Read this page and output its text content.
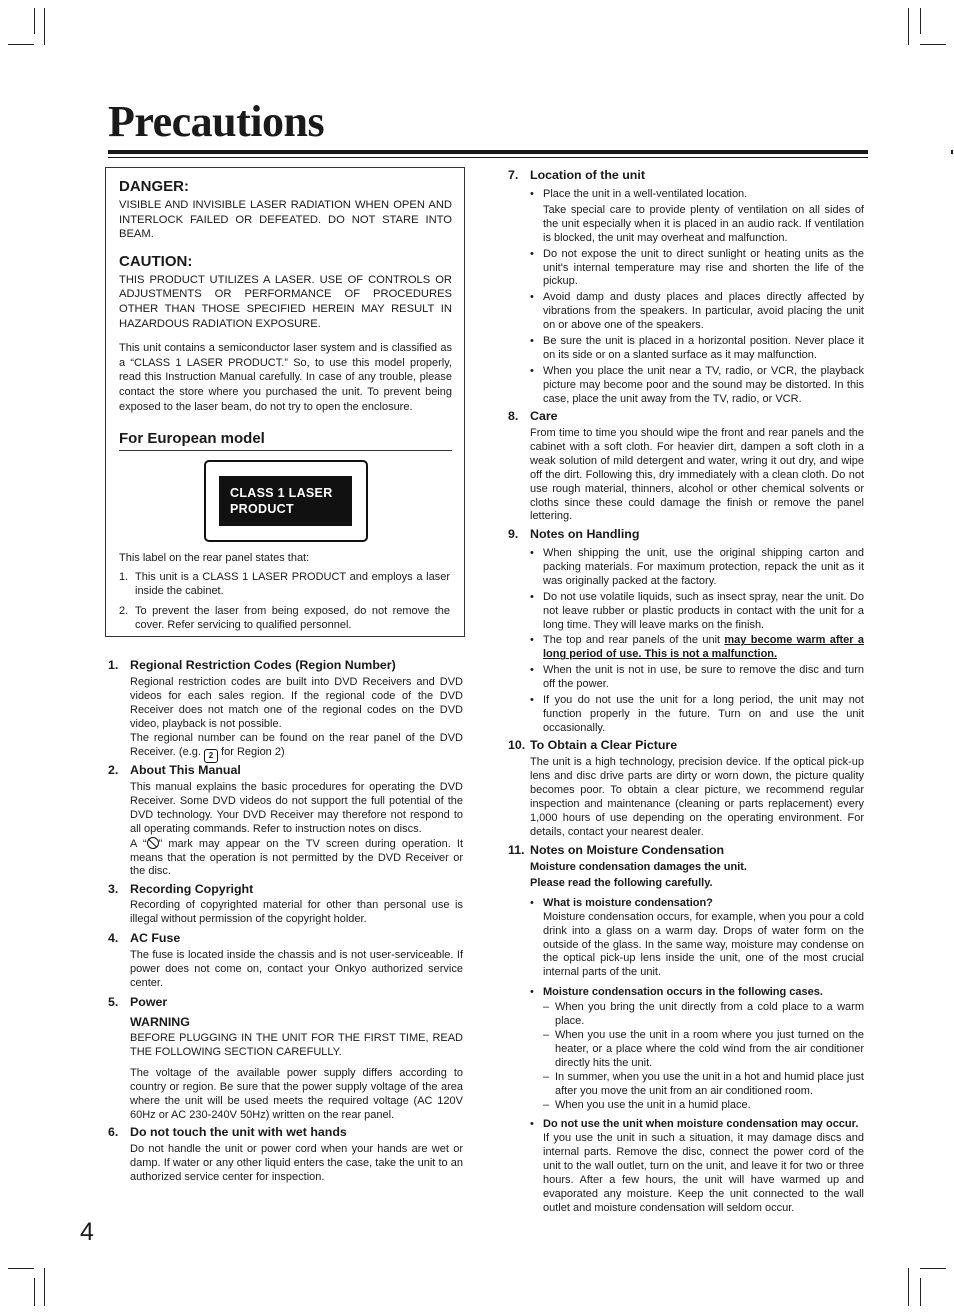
Precautions
DANGER:

VISIBLE AND INVISIBLE LASER RADIATION WHEN OPEN AND INTERLOCK FAILED OR DEFEATED. DO NOT STARE INTO BEAM.

CAUTION:

THIS PRODUCT UTILIZES A LASER. USE OF CONTROLS OR ADJUSTMENTS OR PERFORMANCE OF PROCEDURES OTHER THAN THOSE SPECIFIED HEREIN MAY RESULT IN HAZARDOUS RADIATION EXPOSURE.

This unit contains a semiconductor laser system and is classified as a “CLASS 1 LASER PRODUCT.” So, to use this model properly, read this Instruction Manual carefully. In case of any trouble, please contact the store where you purchased the unit. To prevent being exposed to the laser beam, do not try to open the enclosure.

For European model

CLASS 1 LASER
PRODUCT

This label on the rear panel states that:

1. This unit is a CLASS 1 LASER PRODUCT and employs a laser inside the cabinet.
2. To prevent the laser from being exposed, do not remove the cover. Refer servicing to qualified personnel.
1. Regional Restriction Codes (Region Number)
Regional restriction codes are built into DVD Receivers and DVD videos for each sales region. If the regional code of the DVD Receiver does not match one of the regional codes on the DVD video, playback is not possible.
The regional number can be found on the rear panel of the DVD Receiver. (e.g. 2 for Region 2)
2. About This Manual
This manual explains the basic procedures for operating the DVD Receiver. Some DVD videos do not support the full potential of the DVD technology. Your DVD Receiver may therefore not respond to all operating commands. Refer to instruction notes on discs.
A “ ” mark may appear on the TV screen during operation. It means that the operation is not permitted by the DVD Receiver or the disc.
3. Recording Copyright
Recording of copyrighted material for other than personal use is illegal without permission of the copyright holder.
4. AC Fuse
The fuse is located inside the chassis and is not user-serviceable. If power does not come on, contact your Onkyo authorized service center.
5. Power
WARNING
BEFORE PLUGGING IN THE UNIT FOR THE FIRST TIME, READ THE FOLLOWING SECTION CAREFULLY.
The voltage of the available power supply differs according to country or region. Be sure that the power supply voltage of the area where the unit will be used meets the required voltage (AC 120V 60Hz or AC 230-240V 50Hz) written on the rear panel.
6. Do not touch the unit with wet hands
Do not handle the unit or power cord when your hands are wet or damp. If water or any other liquid enters the case, take the unit to an authorized service center for inspection.
7. Location of the unit
• Place the unit in a well-ventilated location.

Take special care to provide plenty of ventilation on all sides of the unit especially when it is placed in an audio rack. If ventilation is blocked, the unit may overheat and malfunction.
• Do not expose the unit to direct sunlight or heating units as the unit's internal temperature may rise and shorten the life of the pickup.
• Avoid damp and dusty places and places directly affected by vibrations from the speakers. In particular, avoid placing the unit on or above one of the speakers.
• Be sure the unit is placed in a horizontal position. Never place it on its side or on a slanted surface as it may malfunction.
• When you place the unit near a TV, radio, or VCR, the playback picture may become poor and the sound may be distorted. In this case, place the unit away from the TV, radio, or VCR.
8. Care
From time to time you should wipe the front and rear panels and the cabinet with a soft cloth. For heavier dirt, dampen a soft cloth in a weak solution of mild detergent and water, wring it out dry, and wipe off the dirt. Following this, dry immediately with a clean cloth. Do not use rough material, thinners, alcohol or other chemical solvents or cloths since these could damage the finish or remove the panel lettering.
9. Notes on Handling
• When shipping the unit, use the original shipping carton and packing materials. For maximum protection, repack the unit as it was originally packed at the factory.
• Do not use volatile liquids, such as insect spray, near the unit. Do not leave rubber or plastic products in contact with the unit for a long time. They will leave marks on the finish.
• The top and rear panels of the unit may become warm after a long period of use. This is not a malfunction.
• When the unit is not in use, be sure to remove the disc and turn off the power.
• If you do not use the unit for a long period, the unit may not function properly in the future. Turn on and use the unit occasionally.
10. To Obtain a Clear Picture
The unit is a high technology, precision device. If the optical pick-up lens and disc drive parts are dirty or worn down, the picture quality becomes poor. To obtain a clear picture, we recommend regular inspection and maintenance (cleaning or parts replacement) every 1,000 hours of use depending on the operating environment. For details, contact your nearest dealer.
11. Notes on Moisture Condensation
Moisture condensation damages the unit.
Please read the following carefully.
• What is moisture condensation?
Moisture condensation occurs, for example, when you pour a cold drink into a glass on a warm day. Drops of water form on the outside of the glass. In the same way, moisture may condense on the optical pick-up lens inside the unit, one of the most crucial internal parts of the unit.
• Moisture condensation occurs in the following cases.
– When you bring the unit directly from a cold place to a warm place.
– When you use the unit in a room where you just turned on the heater, or a place where the cold wind from the air conditioner directly hits the unit.
– In summer, when you use the unit in a hot and humid place just after you move the unit from an air conditioned room.
– When you use the unit in a humid place.
• Do not use the unit when moisture condensation may occur.
If you use the unit in such a situation, it may damage discs and internal parts. Remove the disc, connect the power cord of the unit to the wall outlet, turn on the unit, and leave it for two or three hours. After a few hours, the unit will have warmed up and evaporated any moisture. Keep the unit connected to the wall outlet and moisture condensation will seldom occur.
4
